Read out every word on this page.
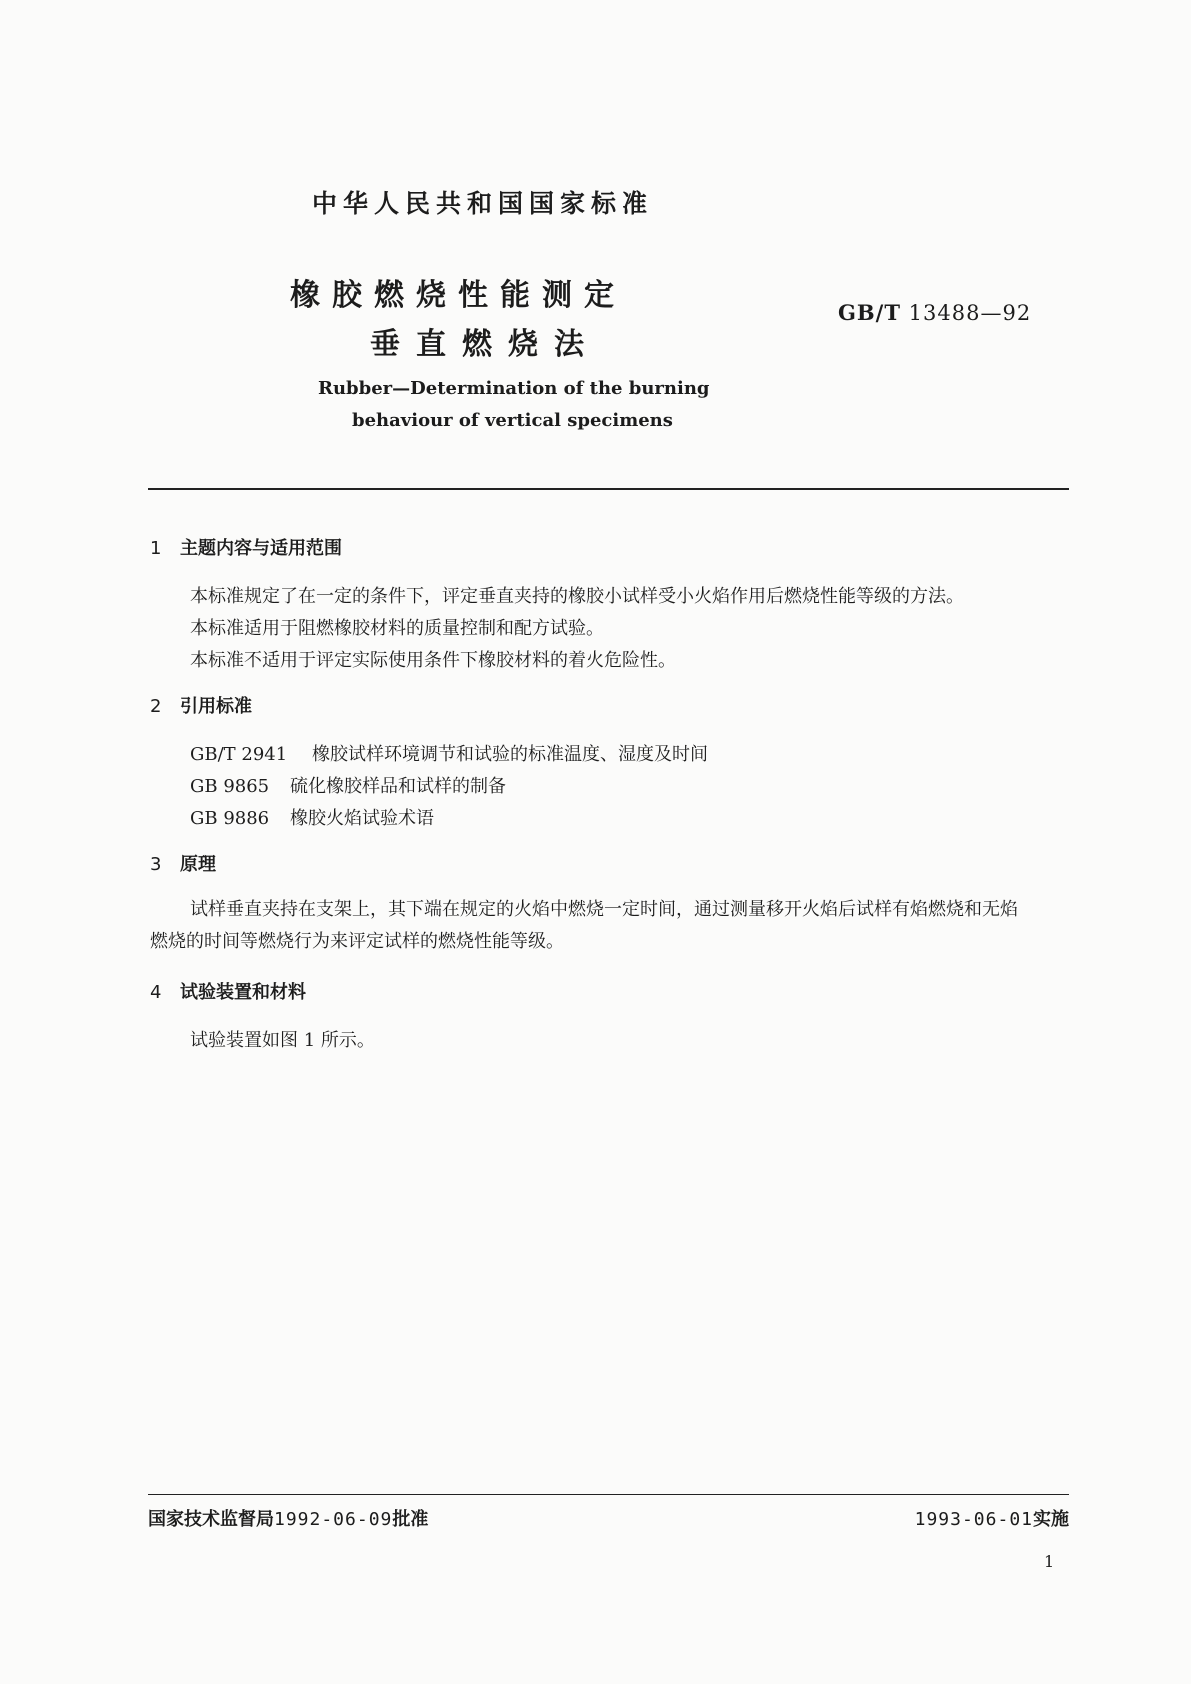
中华人民共和国国家标准
橡胶燃烧性能测定
垂直燃烧法
GB/T 13488—92
Rubber—Determination of the burning
behaviour of vertical specimens
1 主题内容与适用范围
本标准规定了在一定的条件下，评定垂直夹持的橡胶小试样受小火焰作用后燃烧性能等级的方法。
本标准适用于阻燃橡胶材料的质量控制和配方试验。
本标准不适用于评定实际使用条件下橡胶材料的着火危险性。
2 引用标准
GB/T 2941 橡胶试样环境调节和试验的标准温度、湿度及时间
GB 9865 硫化橡胶样品和试样的制备
GB 9886 橡胶火焰试验术语
3 原理
试样垂直夹持在支架上，其下端在规定的火焰中燃烧一定时间，通过测量移开火焰后试样有焰燃烧和无焰燃烧的时间等燃烧行为来评定试样的燃烧性能等级。
4 试验装置和材料
试验装置如图 1 所示。
国家技术监督局1992-06-09批准	1993-06-01实施
1
